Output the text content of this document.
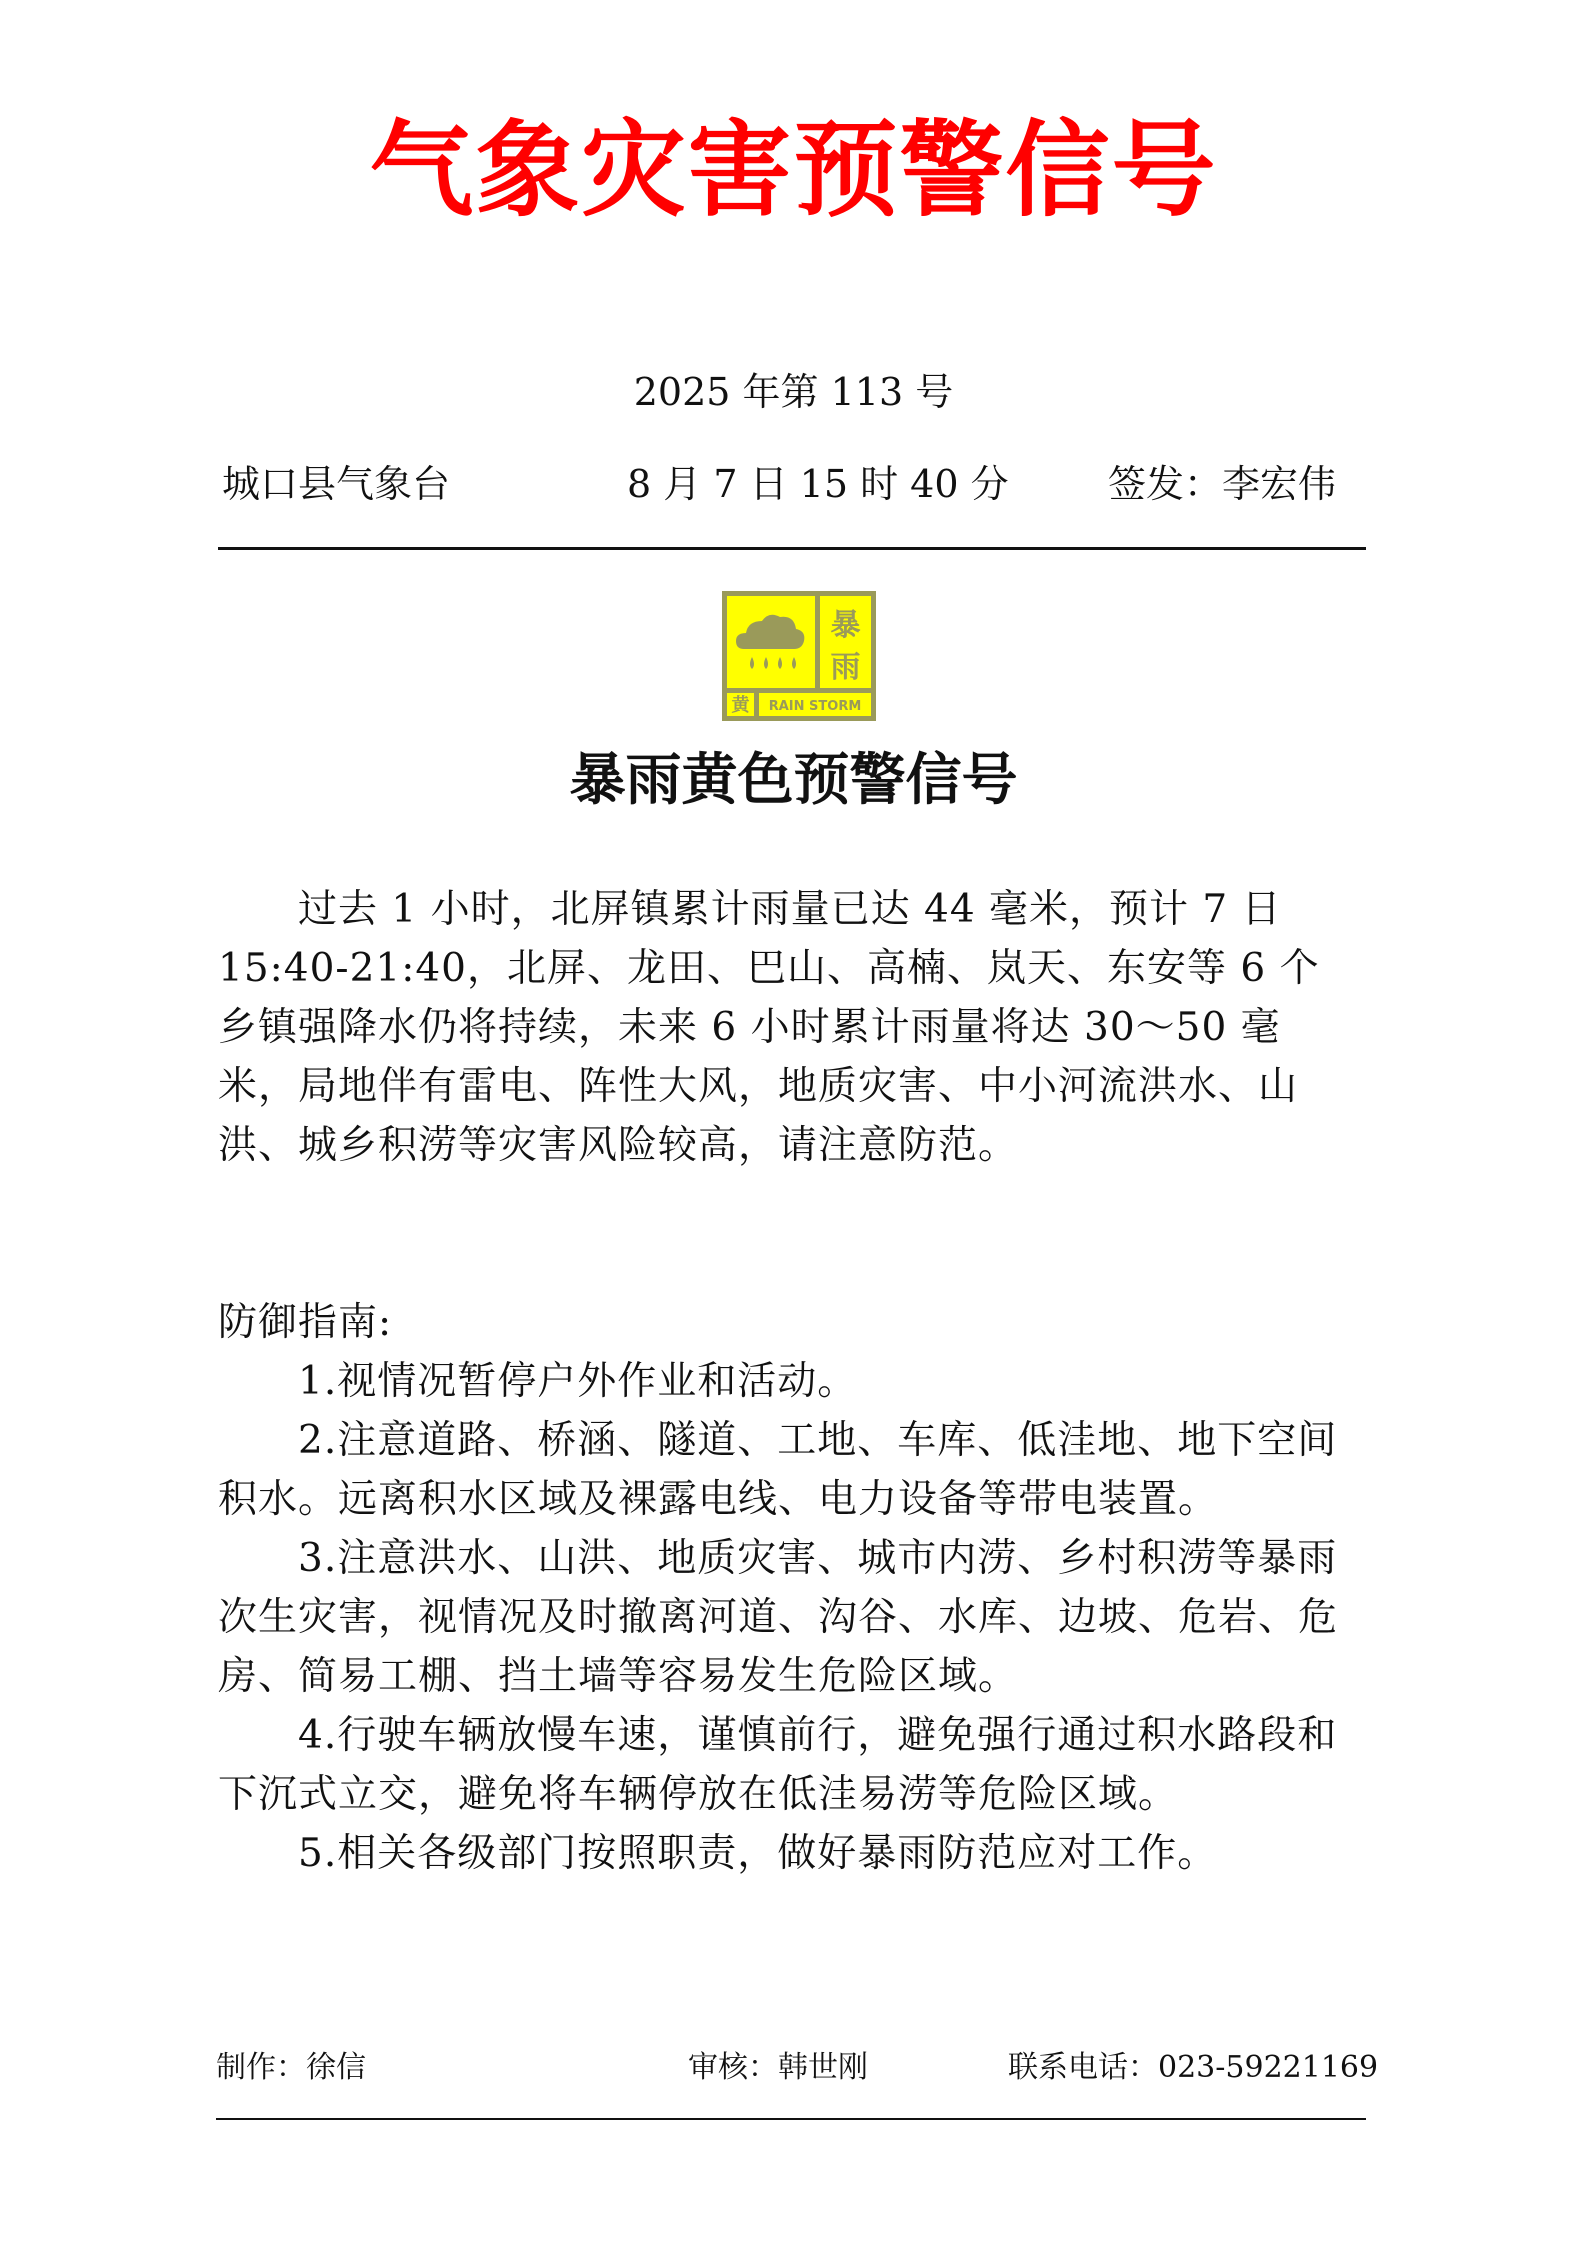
气象灾害预警信号
2025 年第 113 号
城口县气象台	8 月 7 日 15 时 40 分	签发：李宏伟
暴
雨
黄 RAIN STORM
暴雨黄色预警信号

过去 1 小时，北屏镇累计雨量已达 44 毫米，预计 7 日 15:40-21:40，北屏、龙田、巴山、高楠、岚天、东安等 6 个乡镇强降水仍将持续，未来 6 小时累计雨量将达 30～50 毫米，局地伴有雷电、阵性大风，地质灾害、中小河流洪水、山洪、城乡积涝等灾害风险较高，请注意防范。

防御指南:

1.视情况暂停户外作业和活动。

2.注意道路、桥涵、隧道、工地、车库、低洼地、地下空间积水。远离积水区域及裸露电线、电力设备等带电装置。

3.注意洪水、山洪、地质灾害、城市内涝、乡村积涝等暴雨次生灾害，视情况及时撤离河道、沟谷、水库、边坡、危岩、危房、简易工棚、挡土墙等容易发生危险区域。

4.行驶车辆放慢车速，谨慎前行，避免强行通过积水路段和下沉式立交，避免将车辆停放在低洼易涝等危险区域。

5.相关各级部门按照职责，做好暴雨防范应对工作。

制作：徐信	审核：韩世刚	联系电话：023-59221169
